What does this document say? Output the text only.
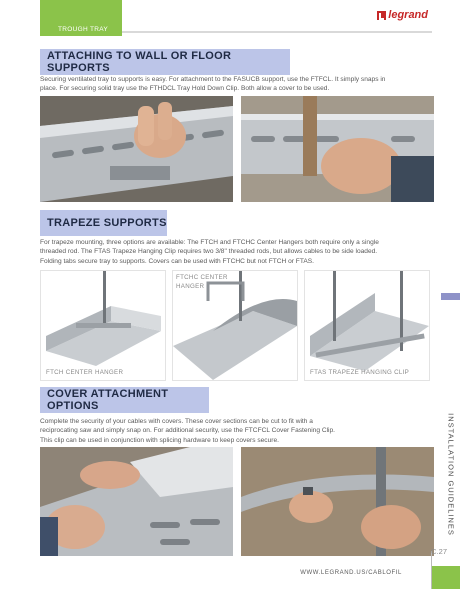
TROUGH TRAY
legrand
ATTACHING TO WALL OR FLOOR SUPPORTS
Securing ventilated tray to supports is easy. For attachment to the FASUCB support, use the FTFCL. It simply snaps in place. For securing solid tray use the FTHDCL Tray Hold Down Clip. Both allow a cover to be used.
TRAPEZE SUPPORTS
For trapeze mounting, three options are available: The FTCH and FTCHC Center Hangers both require only a single threaded rod. The FTAS Trapeze Hanging Clip requires two 3/8" threaded rods, but allows cables to be side loaded. Folding tabs secure tray to supports. Covers can be used with FTCHC but not FTCH or FTAS.
FTCH CENTER HANGER
FTCHC CENTER HANGER
FTAS TRAPEZE HANGING CLIP
COVER ATTACHMENT OPTIONS
Complete the security of your cables with covers. These cover sections can be cut to fit with a reciprocating saw and simply snap on. For additional security, use the FTCFCL Cover Fastening Clip. This clip can be used in conjunction with splicing hardware to keep covers secure.	INSTALLATION GUIDELINES
C.27
WWW.LEGRAND.US/CABLOFIL
